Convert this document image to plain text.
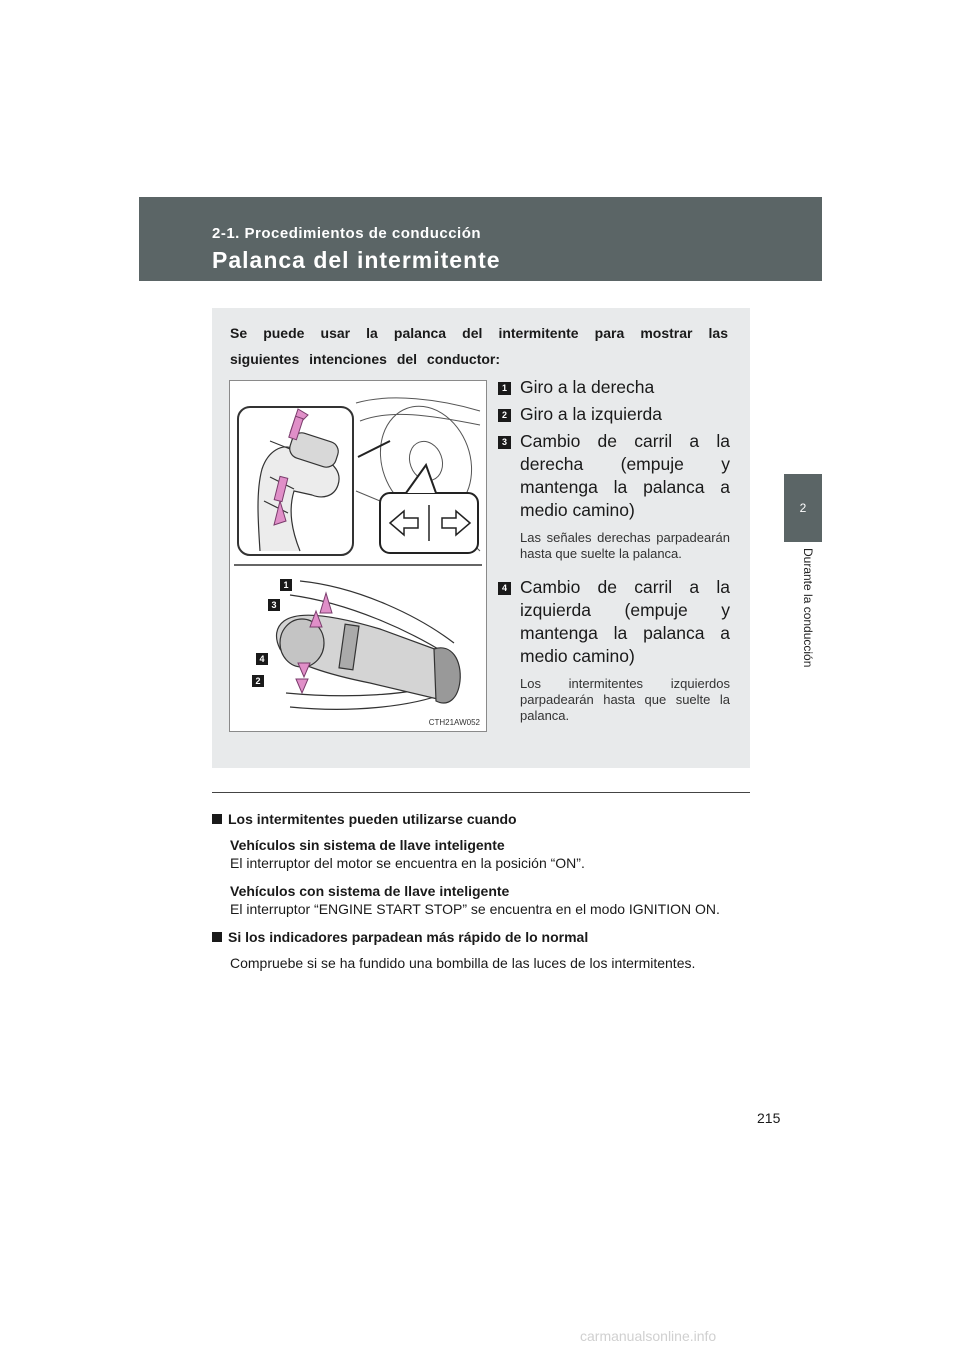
2-1. Procedimientos de conducción
Palanca del intermitente
2
Durante la conducción

Se puede usar la palanca del intermitente para mostrar las siguientes intenciones del conductor:

1
3
4
2
CTH21AW052
1 Giro a la derecha

2 Giro a la izquierda

3 Cambio de carril a la derecha (empuje y mantenga la palanca a medio camino)

Las señales derechas parpadearán hasta que suelte la palanca.

4 Cambio de carril a la izquierda (empuje y mantenga la palanca a medio camino)

Los intermitentes izquierdos parpadearán hasta que suelte la palanca.

Los intermitentes pueden utilizarse cuando

Vehículos sin sistema de llave inteligente

El interruptor del motor se encuentra en la posición “ON”.

Vehículos con sistema de llave inteligente

El interruptor “ENGINE START STOP” se encuentra en el modo IGNITION ON.

Si los indicadores parpadean más rápido de lo normal

Compruebe si se ha fundido una bombilla de las luces de los intermitentes.

215
carmanualsonline.info
